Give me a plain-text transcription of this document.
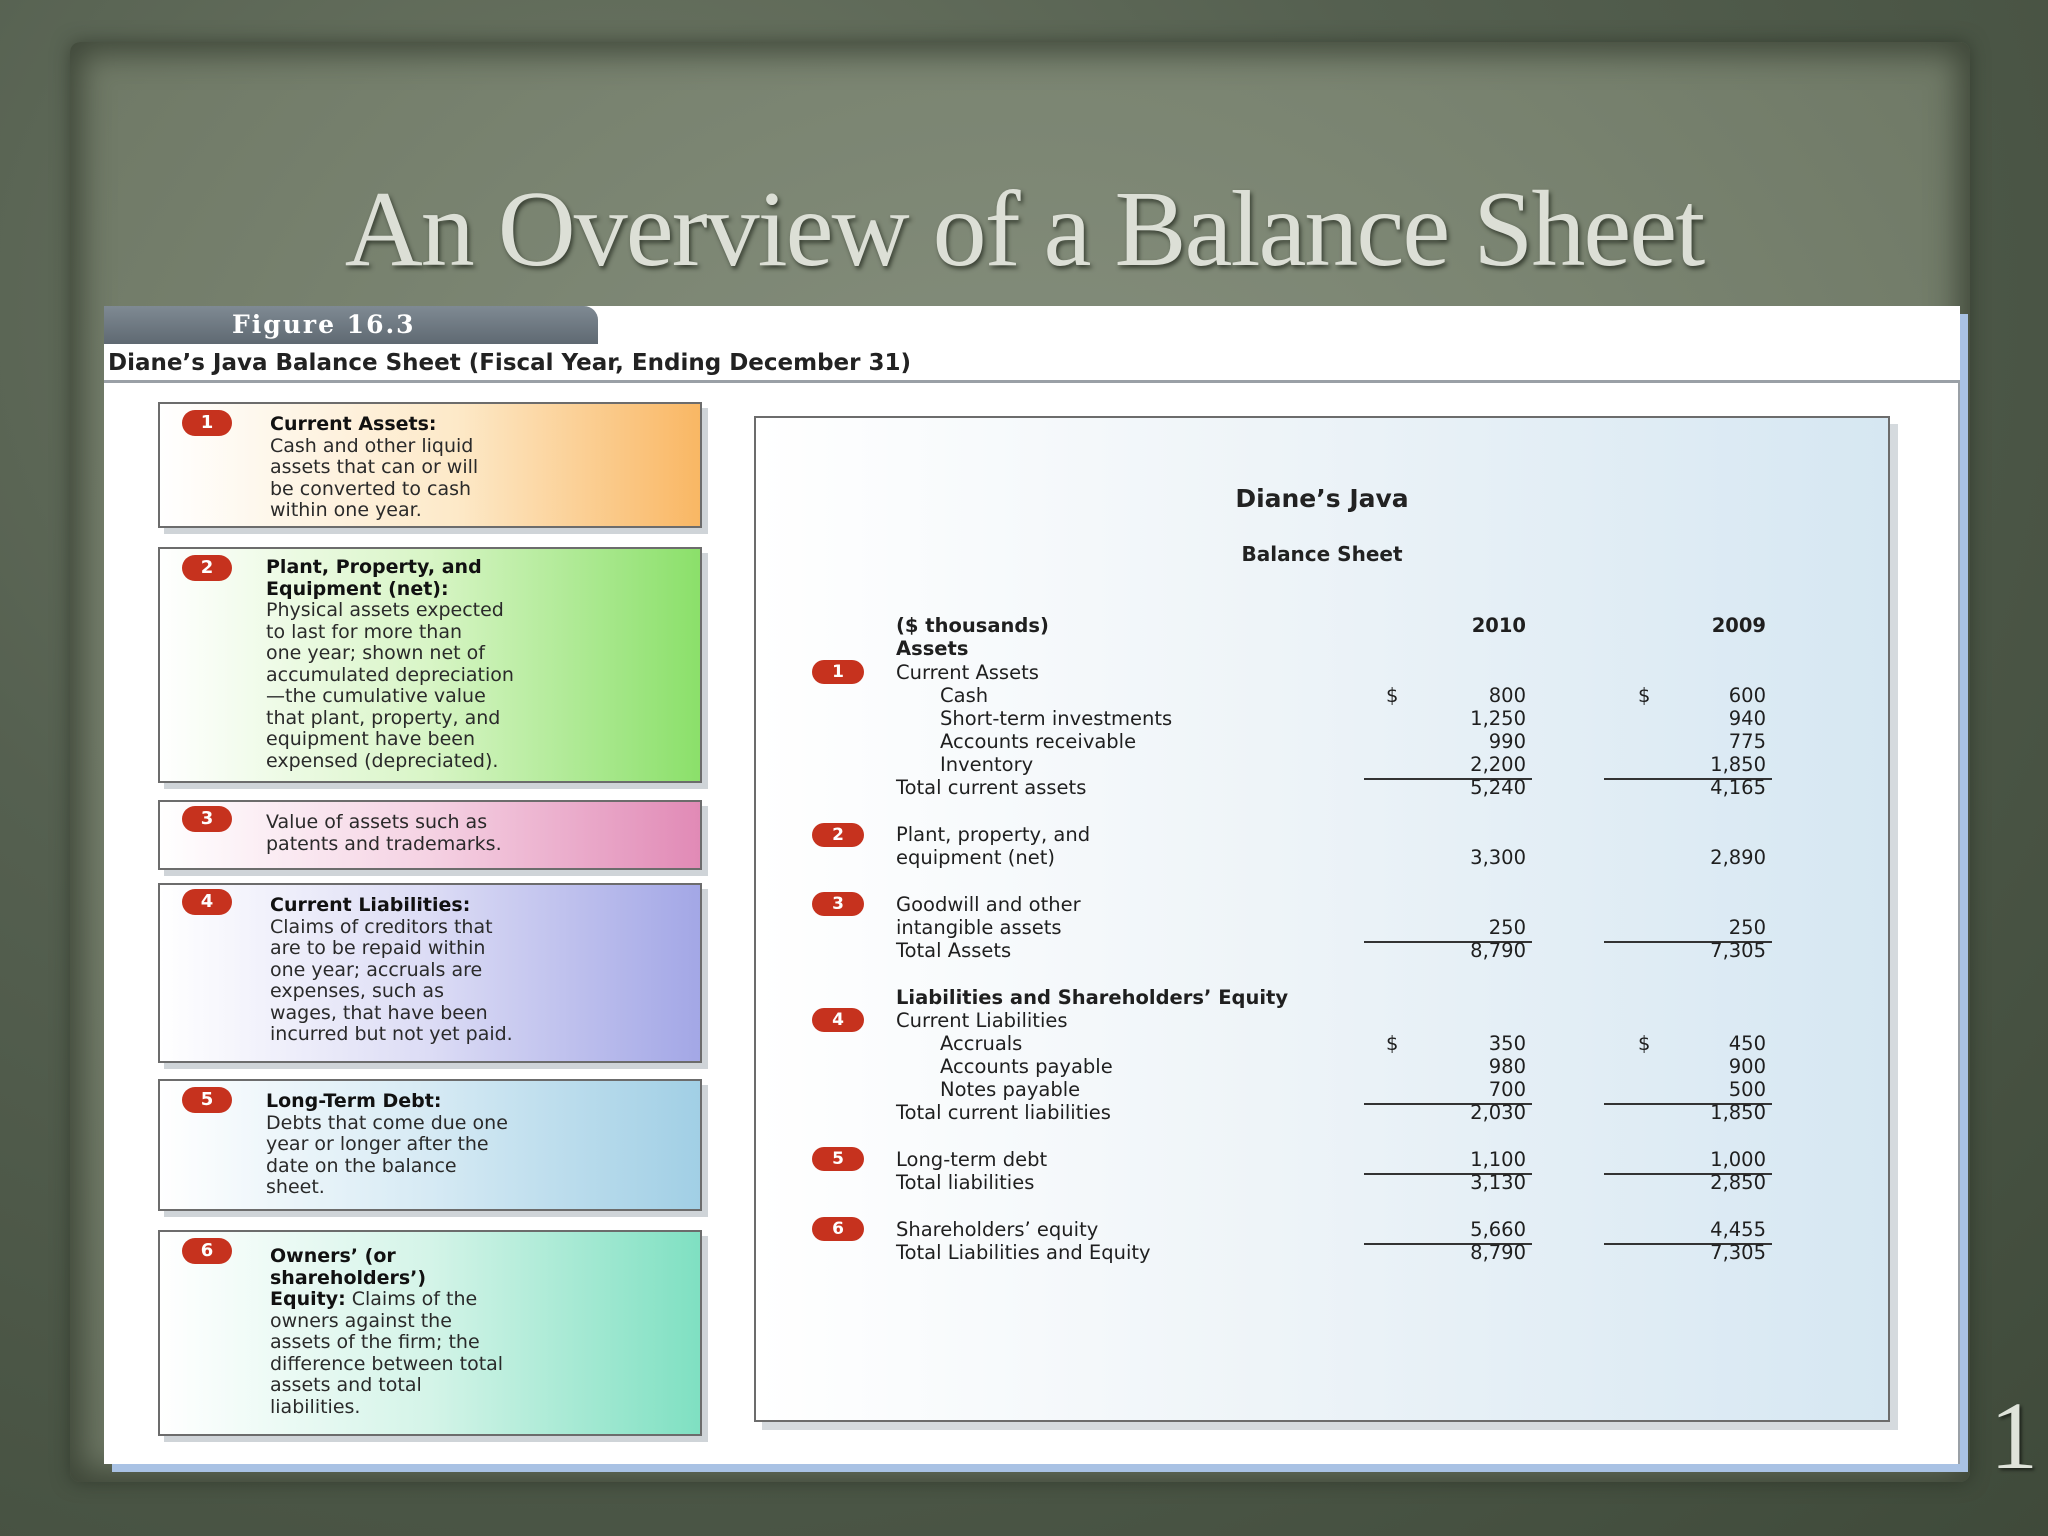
An Overview of a Balance Sheet
Figure 16.3
Diane’s Java Balance Sheet (Fiscal Year, Ending December 31)
1	Current Assets:
Cash and other liquid
assets that can or will
be converted to cash
within one year.
2	Plant, Property, and
Equipment (net):
Physical assets expected
to last for more than
one year; shown net of
accumulated depreciation
—the cumulative value
that plant, property, and
equipment have been
expensed (depreciated).
3	Value of assets such as
patents and trademarks.
4	Current Liabilities:
Claims of creditors that
are to be repaid within
one year; accruals are
expenses, such as
wages, that have been
incurred but not yet paid.
5	Long-Term Debt:
Debts that come due one
year or longer after the
date on the balance
sheet.
6	Owners’ (or
shareholders’)
Equity: Claims of the
owners against the
assets of the firm; the
difference between total
assets and total
liabilities.
Diane’s Java
Balance Sheet
($ thousands)	2010	2009
Assets
1	Current Assets
Cash	$	800	$	600
Short-term investments	1,250	940
Accounts receivable	990	775
Inventory	2,200	1,850
Total current assets	5,240	4,165
2	Plant, property, and
equipment (net)	3,300	2,890
3	Goodwill and other
intangible assets	250	250
Total Assets	8,790	7,305
Liabilities and Shareholders’ Equity
4	Current Liabilities
Accruals	$	350	$	450
Accounts payable	980	900
Notes payable	700	500
Total current liabilities	2,030	1,850
5	Long-term debt	1,100	1,000
Total liabilities	3,130	2,850
6	Shareholders’ equity	5,660	4,455
Total Liabilities and Equity	8,790	7,305
1
